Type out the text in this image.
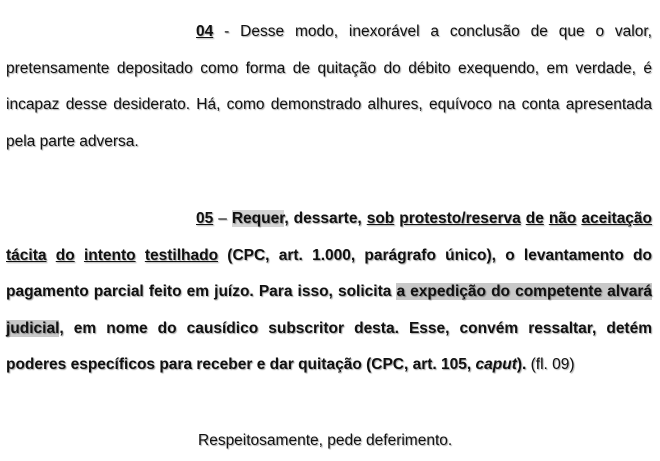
04 - Desse modo, inexorável a conclusão de que o valor, pretensamente depositado como forma de quitação do débito exequendo, em verdade, é incapaz desse desiderato. Há, como demonstrado alhures, equívoco na conta apresentada pela parte adversa.

05 – Requer, dessarte, sob protesto/reserva de não aceitação tácita do intento testilhado (CPC, art. 1.000, parágrafo único), o levantamento do pagamento parcial feito em juízo. Para isso, solicita a expedição do competente alvará judicial, em nome do causídico subscritor desta. Esse, convém ressaltar, detém poderes específicos para receber e dar quitação (CPC, art. 105, caput). (fl. 09)

Respeitosamente, pede deferimento.
